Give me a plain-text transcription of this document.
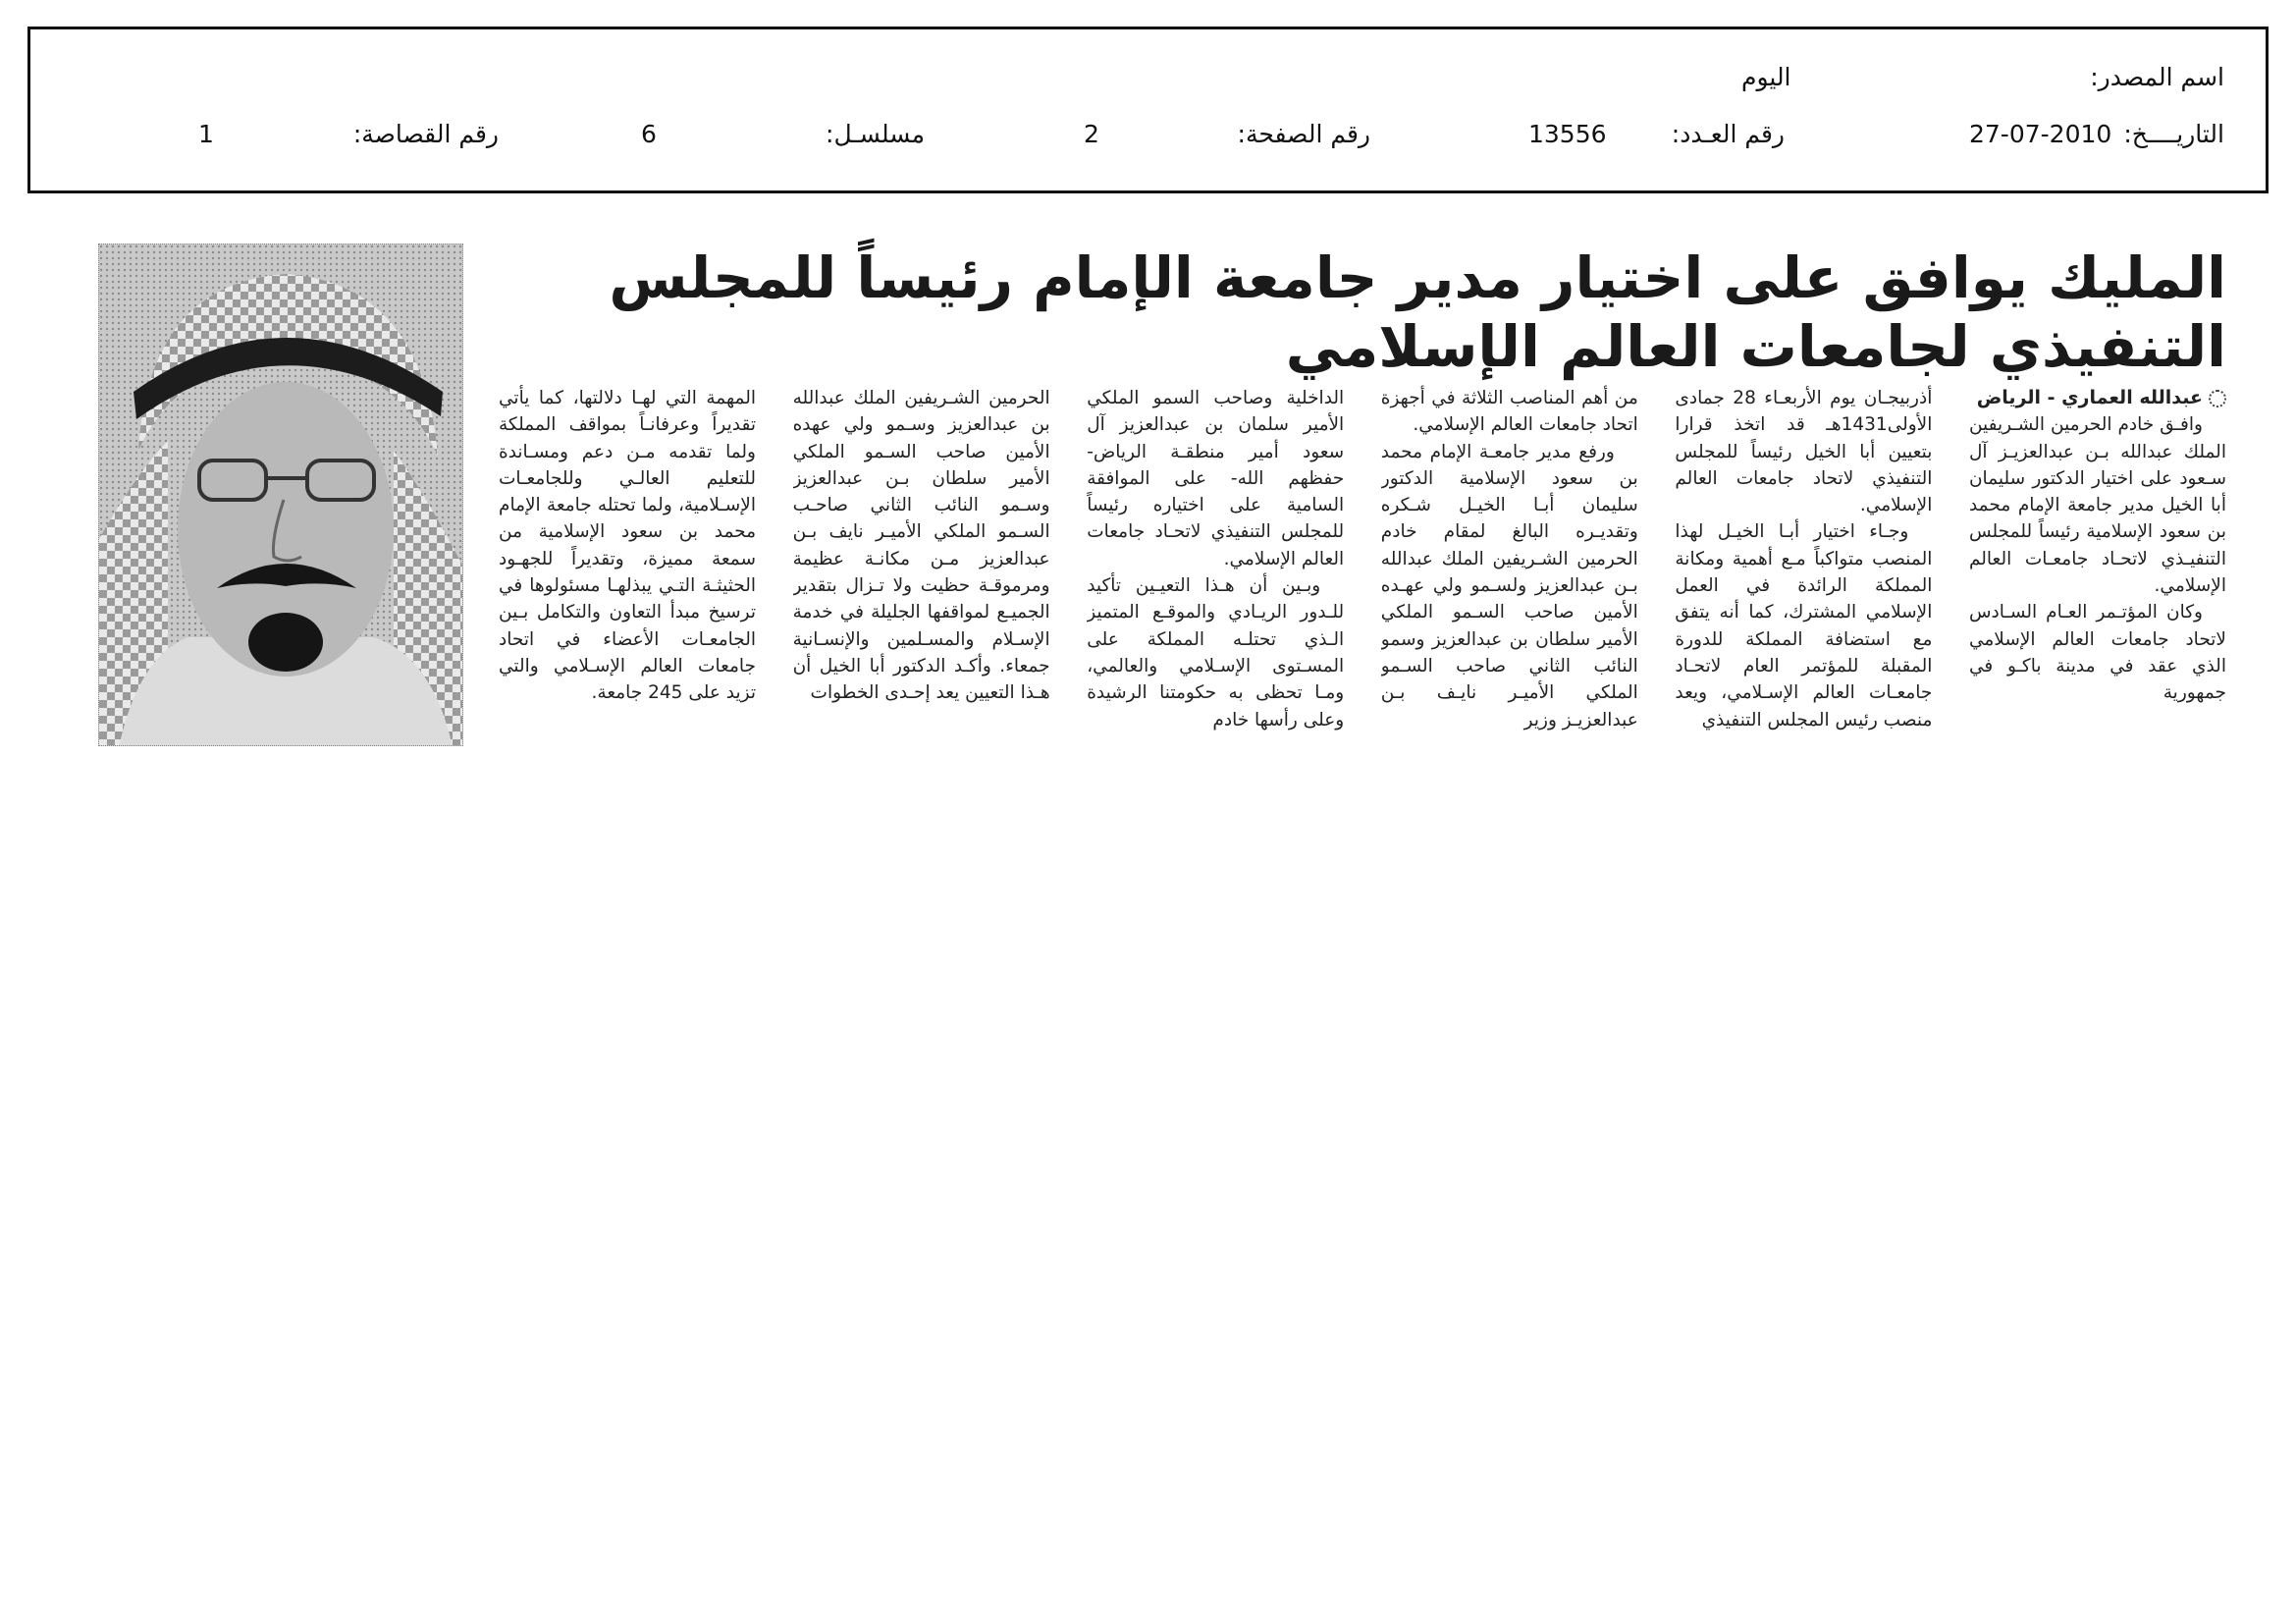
اسم المصدر:
اليوم
التاريــــخ:
27-07-2010
رقم العـدد:
13556
رقم الصفحة:
2
مسلسـل:
6
رقم القصاصة:
1
المليك يوافق على اختيار مدير جامعة الإمام رئيساً للمجلس التنفيذي لجامعات العالم الإسلامي
عبدالله العماري - الرياض

وافـق خادم الحرمين الشـريفين الملك عبدالله بـن عبدالعزيـز آل سـعود على اختيار الدكتور سليمان أبا الخيل مدير جامعة الإمام محمد بن سعود الإسلامية رئيساً للمجلس التنفيـذي لاتحـاد جامعـات العالم الإسلامي.

وكان المؤتـمر العـام السـادس لاتحاد جامعات العالم الإسلامي الذي عقد في مدينة باكـو في جمهورية

أذربيجـان يوم الأربعـاء 28 جمادى الأولى1431هـ قد اتخذ قرارا بتعيين أبا الخيل رئيساً للمجلس التنفيذي لاتحاد جامعات العالم الإسلامي.

وجـاء اختيار أبـا الخيـل لهذا المنصب متواكباً مـع أهمية ومكانة المملكة الرائدة في العمل الإسلامي المشترك، كما أنه يتفق مع استضافة المملكة للدورة المقبلة للمؤتمر العام لاتحـاد جامعـات العالم الإسـلامي، ويعد منصب رئيس المجلس التنفيذي

من أهم المناصب الثلاثة في أجهزة اتحاد جامعات العالم الإسلامي.

ورفع مدير جامعـة الإمام محمد بن سعود الإسلامية الدكتور سليمان أبـا الخيـل شـكره وتقديـره البالغ لمقام خادم الحرمين الشـريفين الملك عبدالله بـن عبدالعزيز ولسـمو ولي عهـده الأمين صاحب السـمو الملكي الأمير سلطان بن عبدالعزيز وسمو النائب الثاني صاحب السـمو الملكي الأميـر نايـف بـن عبدالعزيـز وزير

الداخلية وصاحب السمو الملكي الأمير سلمان بن عبدالعزيز آل سعود أمير منطقـة الرياض- حفظهم الله- على الموافقة السامية على اختياره رئيساً للمجلس التنفيذي لاتحـاد جامعات العالم الإسلامي.

وبـين أن هـذا التعيـين تأكيد للـدور الريـادي والموقـع المتميز الـذي تحتلـه المملكة على المسـتوى الإسـلامي والعالمي، ومـا تحظى به حكومتنا الرشيدة وعلى رأسها خادم

الحرمين الشـريفين الملك عبدالله بن عبدالعزيز وسـمو ولي عهده الأمين صاحب السـمو الملكي الأمير سلطان بـن عبدالعزيز وسـمو النائب الثاني صاحـب السـمو الملكي الأميـر نايف بـن عبدالعزيز مـن مكانـة عظيمة ومرموقـة حظيت ولا تـزال بتقدير الجميـع لمواقفها الجليلة في خدمة الإسـلام والمسـلمين والإنسـانية جمعاء. وأكـد الدكتور أبا الخيل أن هـذا التعيين يعد إحـدى الخطوات

المهمة التي لهـا دلالتها، كما يأتي تقديراً وعرفانـاً بمواقف المملكة ولما تقدمه مـن دعم ومسـاندة للتعليم العالـي وللجامعـات الإسـلامية، ولما تحتله جامعة الإمام محمد بن سعود الإسلامية من سمعة مميزة، وتقديراً للجهـود الحثيثـة التـي يبذلهـا مسئولوها في ترسيخ مبدأ التعاون والتكامل بـين الجامعـات الأعضاء في اتحاد جامعات العالم الإسـلامي والتي تزيد على 245 جامعة.
